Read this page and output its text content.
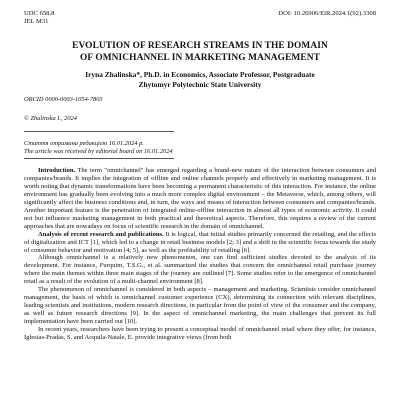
UDC 658.8
JEL M31
DOI: 10.26906/EiR.2024.1(92).3308
EVOLUTION OF RESEARCH STREAMS IN THE DOMAIN
OF OMNICHANNEL IN MARKETING MANAGEMENT
Iryna Zhalinska*, Ph.D. in Economics, Associate Professor, Postgraduate
Zhytomyr Polytechnic State University
ORCID 0000-0003-1054-7803
© Zhalinska I., 2024
Стаття отримана редакцією 16.01.2024 р.
The article was received by editorial board on 16.01.2024

Introduction. The term "omnichannel" has emerged regarding a brand-new nature of the interaction between consumers and companies/brands. It implies the integration of offline and online channels properly and effectively in marketing management. It is worth noting that dynamic transformations have been becoming a permanent characteristic of this interaction. For instance, the online environment has gradually been evolving into a much more complex digital environment – the Metaverse, which, among others, will significantly affect the business conditions and, in turn, the ways and means of interaction between consumers and companies/brands. Another important feature is the penetration of integrated online-offline interaction in almost all types of economic activity. It could not but influence marketing management in both practical and theoretical aspects. Therefore, this requires a review of the current approaches that are nowadays on focus of scientific research in the domain of omnichannel.

Analysis of recent research and publications. It is logical, that initial studies primarily concerned the retailing, and the effects of digitalization and ICT [1], which led to a change in retail business models [2; 3] and a shift in the scientific focus towards the study of consumer behavior and motivation [4; 5], as well as the profitability of retailing [6].

Although omnichannel is a relatively new phenomenon, one can find sufficient studies devoted to the analysis of its development. For instance, Furquim, T.S.G., et al. summarized the studies that concern the omnichannel retail purchase journey where the main themes within three main stages of the journey are outlined [7]. Some studies refer to the emergence of omnichannel retail as a result of the evolution of a multi-channel environment [8].

The phenomenon of omnichannel is considered in both aspects – management and marketing. Scientists consider omnichannel management, the basis of which is omnichannel customer experience (CX), determining its connection with relevant disciplines, leading scientists and institutions, modern research directions, in particular from the point of view of the consumer and the company, as well as future research directions [9]. In the aspect of omnichannel marketing, the main challenges that prevent its full implementation have been carried out [10].

In recent years, researchers have been trying to present a conceptual model of omnichannel retail where they offer, for instance, Iglesias-Pradas, S. and Acquila-Natale, E. provide integrative views (from both
